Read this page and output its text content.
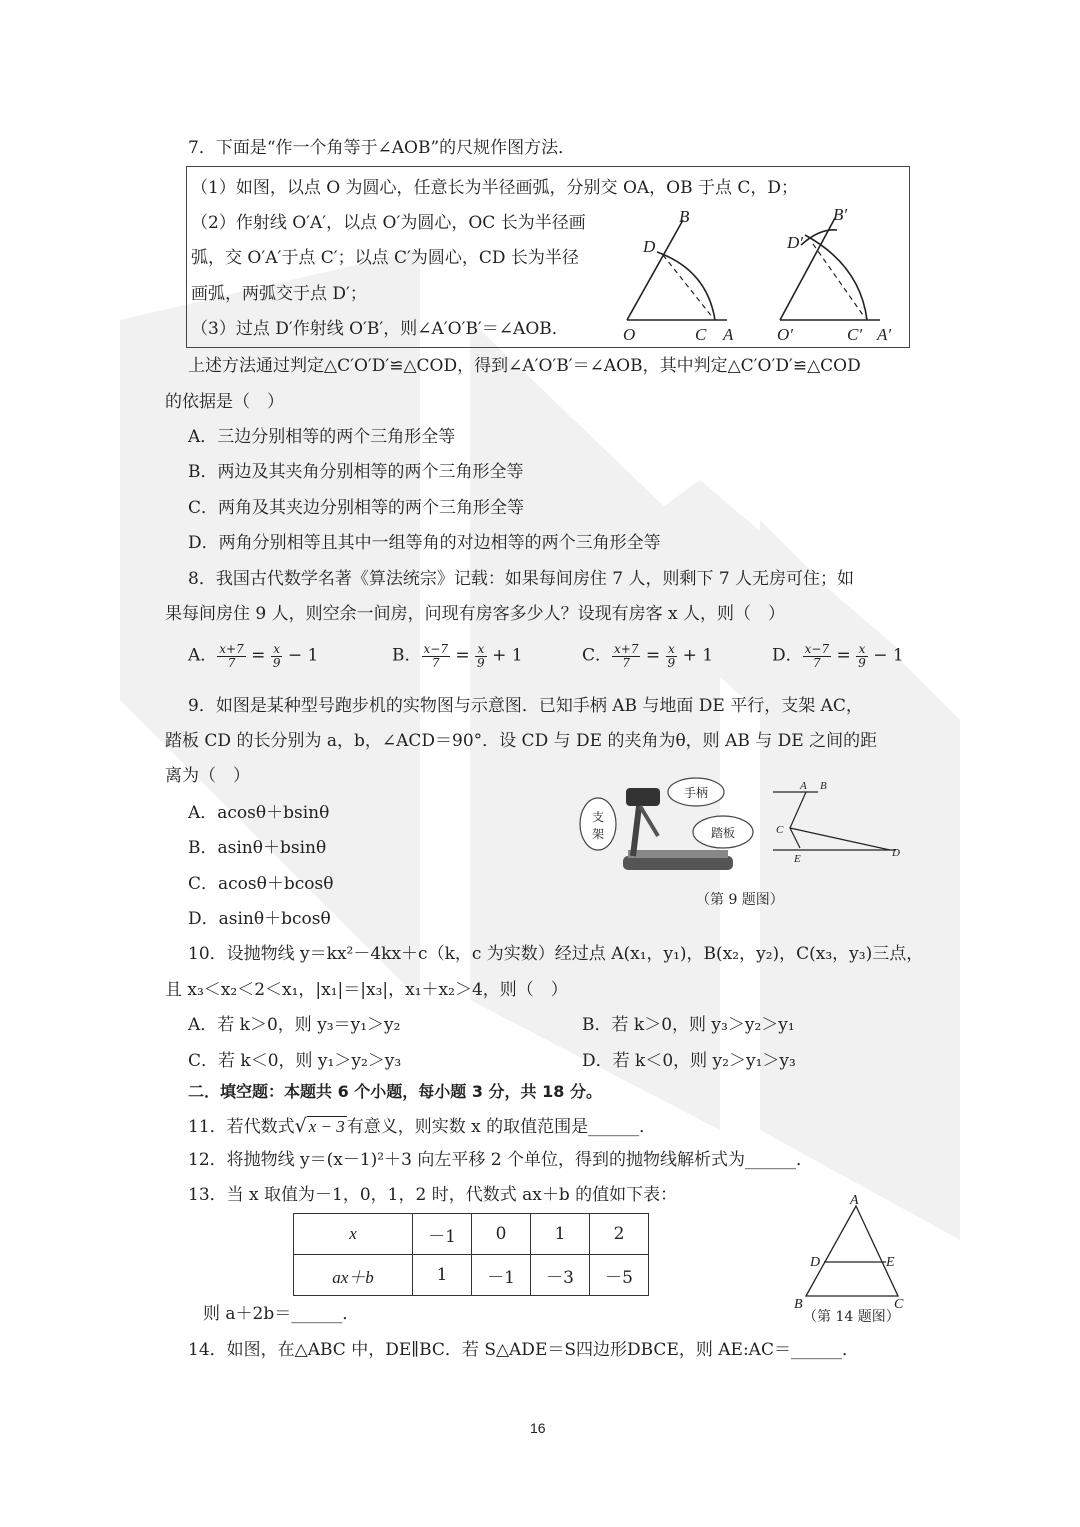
7．下面是“作一个角等于∠AOB”的尺规作图方法．
（1）如图，以点 O 为圆心，任意长为半径画弧，分别交 OA，OB 于点 C，D；
（2）作射线 O′A′，以点 O′为圆心，OC 长为半径画
弧，交 O′A′于点 C′；以点 C′为圆心，CD 长为半径
画弧，两弧交于点 D′；
（3）过点 D′作射线 O′B′，则∠A′O′B′＝∠AOB．
B
D
O	C A
B′
D′
O′	C′ A′
上述方法通过判定△C′O′D′≌△COD，得到∠A′O′B′＝∠AOB，其中判定△C′O′D′≌△COD
的依据是（　）
A．三边分别相等的两个三角形全等
B．两边及其夹角分别相等的两个三角形全等
C．两角及其夹边分别相等的两个三角形全等
D．两角分别相等且其中一组等角的对边相等的两个三角形全等
8．我国古代数学名著《算法统宗》记载：如果每间房住 7 人，则剩下 7 人无房可住；如
果每间房住 9 人，则空余一间房，问现有房客多少人？设现有房客 x 人，则（　）
A． $\frac{x+7}{7} = \frac{x}{9} - 1$	B． $\frac{x-7}{7} = \frac{x}{9} + 1$	C． $\frac{x+7}{7} = \frac{x}{9} + 1$	D． $\frac{x-7}{7} = \frac{x}{9} - 1$
9．如图是某种型号跑步机的实物图与示意图．已知手柄 AB 与地面 DE 平行，支架 AC，
踏板 CD 的长分别为 a，b，∠ACD＝90°．设 CD 与 DE 的夹角为θ，则 AB 与 DE 之间的距
离为（　）
A．acosθ＋bsinθ
B．asinθ＋bsinθ
C．acosθ＋bcosθ
D．asinθ＋bcosθ
支
架
手柄
踏板
A B
C
D
E
（第 9 题图）
10．设抛物线 y＝kx²－4kx＋c（k，c 为实数）经过点 A(x₁，y₁)，B(x₂，y₂)，C(x₃，y₃)三点，
且 x₃＜x₂＜2＜x₁，|x₁|＝|x₃|，x₁＋x₂＞4，则（　）
A．若 k＞0，则 y₃＝y₁＞y₂	B．若 k＞0，则 y₃＞y₂＞y₁
C．若 k＜0，则 y₁＞y₂＞y₃	D．若 k＜0，则 y₂＞y₁＞y₃
二．填空题：本题共 6 个小题，每小题 3 分，共 18 分。
11．若代数式√ x − 3 有意义，则实数 x 的取值范围是______．
12．将抛物线 y＝(x－1)²＋3 向左平移 2 个单位，得到的抛物线解析式为______．
13．当 x 取值为－1，0，1，2 时，代数式 ax＋b 的值如下表：
x	－1	0	1	2
ax＋b	1	－1	－3	－5
则 a＋2b＝______．
A
D	E
B	C
（第 14 题图）
14．如图，在△ABC 中，DE∥BC．若 S△ADE＝S四边形DBCE，则 AE:AC＝______．
16
